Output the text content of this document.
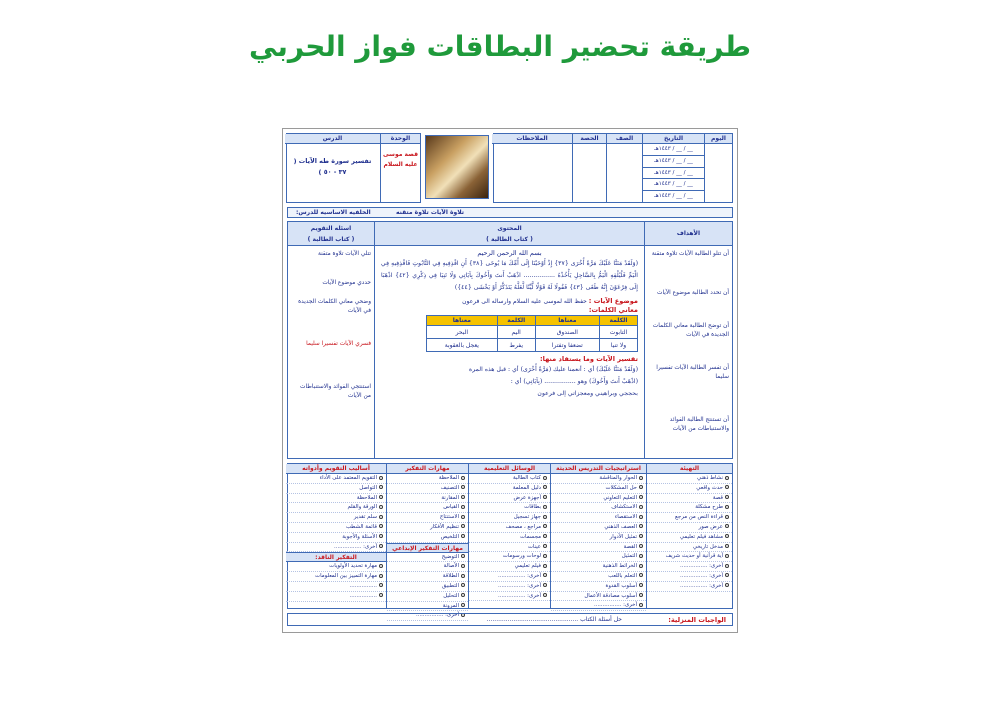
طريقة تحضير البطاقات فواز الحربي
اليوم
التاريخ
__ / __ / ١٤٤٣هـ
__ / __ / ١٤٤٣هـ
__ / __ / ١٤٤٣هـ
__ / __ / ١٤٤٣هـ
__ / __ / ١٤٤٣هـ
الصف
الحصة
الملاحظات
الوحدة
قصة موسى عليه السلام
الدرس
تفسير سورة طه الآيات ( ٣٧ - ٥٠ )
الخلفيه الاساسيه للدرس:	تلاوة الآيات تلاوة متقنه
الأهداف
أن تتلو الطالبة الآيات تلاوة متقنة
أن تحدد الطالبة موضوع الآيات
أن توضح الطالبة معاني الكلمات الجديدة في الآيات
أن تفسر الطالبة الآيات تفسيرا سليما
أن تستنتج الطالبة الفوائد والاستنباطات من الآيات
المحتوى
( كتاب الطالبة )
بسم الله الرحمن الرحيم
(وَلَقَدْ مَنَنَّا عَلَيْكَ مَرَّةً أُخْرَى {٣٧} إِذْ أَوْحَيْنَا إِلَى أُمِّكَ مَا يُوحَى {٣٨} أَنِ اقْذِفِيهِ فِي التَّابُوتِ فَاقْذِفِيهِ فِي الْيَمِّ فَلْيُلْقِهِ الْيَمُّ بِالسَّاحِلِ يَأْخُذْهُ ................ اذْهَبْ أَنتَ وَأَخُوكَ بِآيَاتِي وَلَا تَنِيَا فِي ذِكْرِي {٤٢} اذْهَبَا إِلَى فِرْعَوْنَ إِنَّهُ طَغَى {٤٣} فَقُولَا لَهُ قَوْلًا لَّيِّنًا لَّعَلَّهُ يَتَذَكَّرُ أَوْ يَخْشَى {٤٤})
موضوع الآيات : حفظ الله لموسى عليه السلام وارساله الى فرعون
معاني الكلمات:
الكلمة	معناها	الكلمة	معناها
التابوت	الصندوق	اليم	البحر
ولا تنيا	تضعفا وتفترا	يفرط	يعجل بالعقوبة
تفسير الآيات وما يستفاد منها:
(وَلَقَدْ مَنَنَّا عَلَيْكَ) أي : أنعمنا عليك (مَرَّةً أُخْرَى) أي : قبل هذه المرة
(اذْهَبْ أَنتَ وَأَخُوكَ) وهو ................ (بِآيَاتِي) أي :
بحججي وبراهيني ومعجزاتي إلى فرعون
اسئله التقويم
( كتاب الطالبة )
تتلي الآيات تلاوة متقنة
حددي موضوع الآيات
وضحي معاني الكلمات الجديدة في الآيات
فسري الآيات تفسيرا سليما
استنتجي الفوائد والاستنباطات من الآيات
التهيئة
نشاط ذهني
حدث واقعي
قصة
طرح مشكلة
قراءة النص من مرجع
عرض صور
مشاهد فيلم تعليمي
مدخل تاريخي
آية قرآنية أو حديث شريف
أخرى: ................
أخرى: ................
أخرى: ................
استراتيجيات التدريس الحديثة
الحوار والمناقشة
حل المشكلات
التعليم التعاوني
الاستكشاف
الاستقصاء
العصف الذهني
تمثيل الأدوار
القصة
التمثيل
الخرائط الذهنية
التعلم باللعب
أسلوب القدوة
أسلوب مصادقة الأعمال
أخرى: ................
الوسائل التعليمية
كتاب الطالبة
دليل المعلمة
أجهزة عرض
بطاقات
جهاز تسجيل
مراجع ، مصحف
مجسمات
عينات
لوحات ورسومات
فيلم تعليمي
أخرى: ................
أخرى: ................
أخرى: ................
مهارات التفكير
الملاحظة
التصنيف
المقارنة
القياس
الاستنتاج
تنظيم الأفكار
التلخيص
مهارات التفكير الإبداعي
التوضيح
الأصالة
الطلاقة
التطبيق
التحليل
المرونة
أخرى: ................
أساليب التقويم وأدواته
التقويم المعتمد على الأداء
التواصل
الملاحظة
الورقة والقلم
سلم تقدير
قائمة الشطب
الأسئلة والأجوبة
أخرى: ................
التفكير الناقد:
مهارة تحديد الأولويات
مهارة التمييز بين المعلومات
................
................
الواجبات المنزلية:
حل أسئلة الكتاب ................................................
